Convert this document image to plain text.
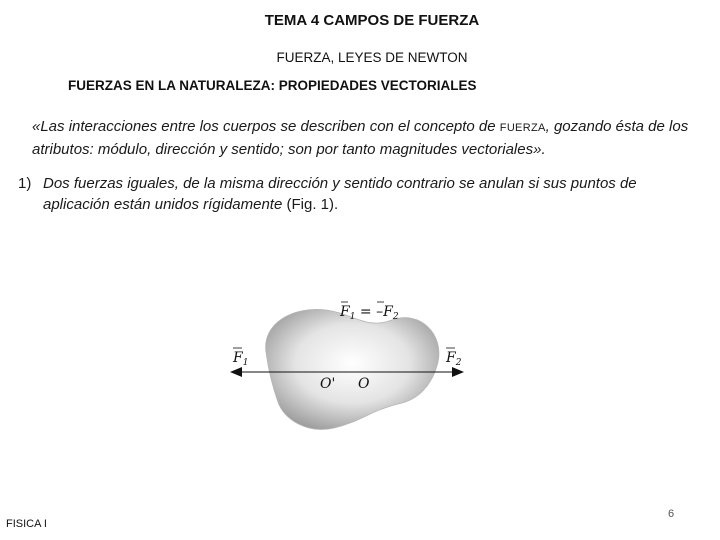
TEMA 4 CAMPOS DE FUERZA
FUERZA, LEYES DE NEWTON
FUERZAS EN LA NATURALEZA: PROPIEDADES VECTORIALES
«Las interacciones entre los cuerpos se describen con el concepto de FUERZA, gozando ésta de los atributos: módulo, dirección y sentido; son por tanto magnitudes vectoriales».
1) Dos fuerzas iguales, de la misma dirección y sentido contrario se anulan si sus puntos de aplicación están unidos rígidamente (Fig. 1).
$F_1 = -F_2$
$F_1$	$F_2$
O' O
FISICA I
6
